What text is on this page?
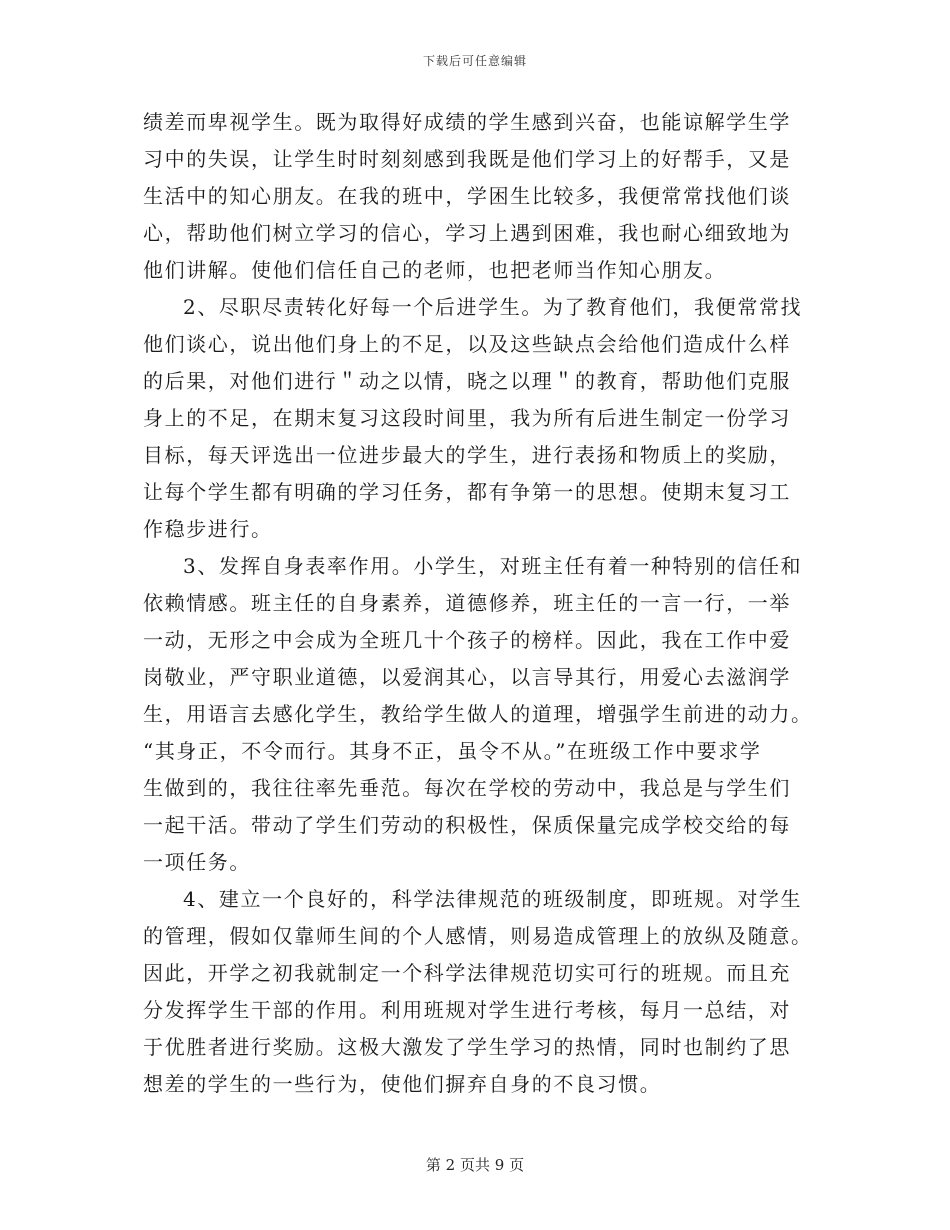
下载后可任意编辑
绩差而卑视学生。既为取得好成绩的学生感到兴奋，也能谅解学生学
习中的失误，让学生时时刻刻感到我既是他们学习上的好帮手，又是
生活中的知心朋友。在我的班中，学困生比较多，我便常常找他们谈
心，帮助他们树立学习的信心，学习上遇到困难，我也耐心细致地为
他们讲解。使他们信任自己的老师，也把老师当作知心朋友。
2、尽职尽责转化好每一个后进学生。为了教育他们，我便常常找
他们谈心，说出他们身上的不足，以及这些缺点会给他们造成什么样
的后果，对他们进行＂动之以情，晓之以理＂的教育，帮助他们克服
身上的不足，在期末复习这段时间里，我为所有后进生制定一份学习
目标，每天评选出一位进步最大的学生，进行表扬和物质上的奖励，
让每个学生都有明确的学习任务，都有争第一的思想。使期末复习工
作稳步进行。
3、发挥自身表率作用。小学生，对班主任有着一种特别的信任和
依赖情感。班主任的自身素养，道德修养，班主任的一言一行，一举
一动，无形之中会成为全班几十个孩子的榜样。因此，我在工作中爱
岗敬业，严守职业道德，以爱润其心，以言导其行，用爱心去滋润学
生，用语言去感化学生，教给学生做人的道理，增强学生前进的动力。
“其身正，不令而行。其身不正，虽令不从。”在班级工作中要求学
生做到的，我往往率先垂范。每次在学校的劳动中，我总是与学生们
一起干活。带动了学生们劳动的积极性，保质保量完成学校交给的每
一项任务。
4、建立一个良好的，科学法律规范的班级制度，即班规。对学生
的管理，假如仅靠师生间的个人感情，则易造成管理上的放纵及随意。
因此，开学之初我就制定一个科学法律规范切实可行的班规。而且充
分发挥学生干部的作用。利用班规对学生进行考核，每月一总结，对
于优胜者进行奖励。这极大激发了学生学习的热情，同时也制约了思
想差的学生的一些行为，使他们摒弃自身的不良习惯。
第 2 页共 9 页
